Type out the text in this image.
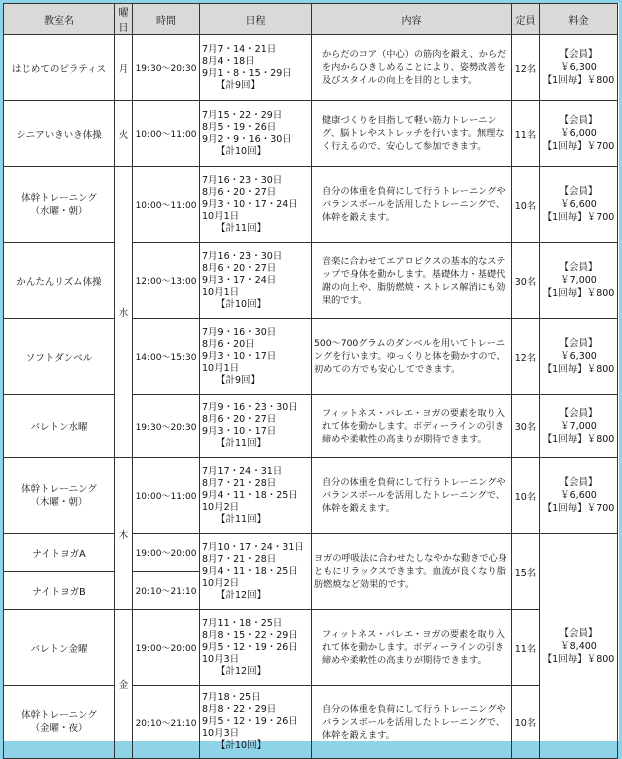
教室名	曜日	時間	日程	内容	定員	料金
はじめてのピラティス	月	19:30～20:30	7月7・14・21日
8月4・18日
9月1・8・15・29日
【計9回】	からだのコア（中心）の筋肉を鍛え、からだを内からひきしめることにより、姿勢改善を及びスタイルの向上を目的とします。	12名	【会員】￥6,300
【1回毎】￥800

シニアいきいき体操	火	10:00～11:00	7月15・22・29日
8月5・19・26日
9月2・9・16・30日
【計10回】	健康づくりを目指して軽い筋力トレーニング、脳トレやストレッチを行います。無理なく行えるので、安心して参加できます。	11名	【会員】￥6,000
【1回毎】￥700

体幹トレーニング
（水曜・朝）	水	10:00～11:00	7月16・23・30日
8月6・20・27日
9月3・10・17・24日
10月1日
【計11回】	自分の体重を負荷にして行うトレーニングやバランスボールを活用したトレーニングで、体幹を鍛えます。	10名	【会員】￥6,600
【1回毎】￥700

かんたんリズム体操		12:00～13:00	7月16・23・30日
8月6・20・27日
9月3・17・24日
10月1日
【計10回】	音楽に合わせてエアロビクスの基本的なステップで身体を動かします。基礎体力・基礎代謝の向上や、脂肪燃焼・ストレス解消にも効果的です。	30名	【会員】￥7,000
【1回毎】￥800

ソフトダンベル		14:00～15:30	7月9・16・30日
8月6・20日
9月3・10・17日
10月1日
【計9回】	500～700グラムのダンベルを用いてトレーニングを行います。ゆっくりと体を動かすので、初めての方でも安心してできます。	12名	【会員】￥6,300
【1回毎】￥800

バレトン水曜		19:30～20:30	7月9・16・23・30日
8月6・20・27日
9月3・10・17日
【計11回】	フィットネス・バレエ・ヨガの要素を取り入れて体を動かします。ボディーラインの引き締めや柔軟性の高まりが期待できます。	30名	【会員】￥7,000
【1回毎】￥800

体幹トレーニング
（木曜・朝）	木	10:00～11:00	7月17・24・31日
8月7・21・28日
9月4・11・18・25日
10月2日
【計11回】	自分の体重を負荷にして行うトレーニングやバランスボールを活用したトレーニングで、体幹を鍛えます。	10名	【会員】￥6,600
【1回毎】￥700

ナイトヨガA		19:00～20:00	7月10・17・24・31日
8月7・21・28日
9月4・11・18・25日
10月2日
【計12回】	ヨガの呼吸法に合わせたしなやかな動きで心身ともにリラックスできます。血流が良くなり脂肪燃焼など効果的です。	15名	【会員】￥8,400
【1回毎】￥800

ナイトヨガB		20:10～21:10				
バレトン金曜	金	19:00～20:00	7月11・18・25日
8月8・15・22・29日
9月5・12・19・26日
10月3日
【計12回】	フィットネス・バレエ・ヨガの要素を取り入れて体を動かします。ボディーラインの引き締めや柔軟性の高まりが期待できます。	11名	

体幹トレーニング
（金曜・夜）		20:10～21:10	7月18・25日
8月8・22・29日
9月5・12・19・26日
10月3日
【計10回】	自分の体重を負荷にして行うトレーニングやバランスボールを活用したトレーニングで、体幹を鍛えます。	10名	
